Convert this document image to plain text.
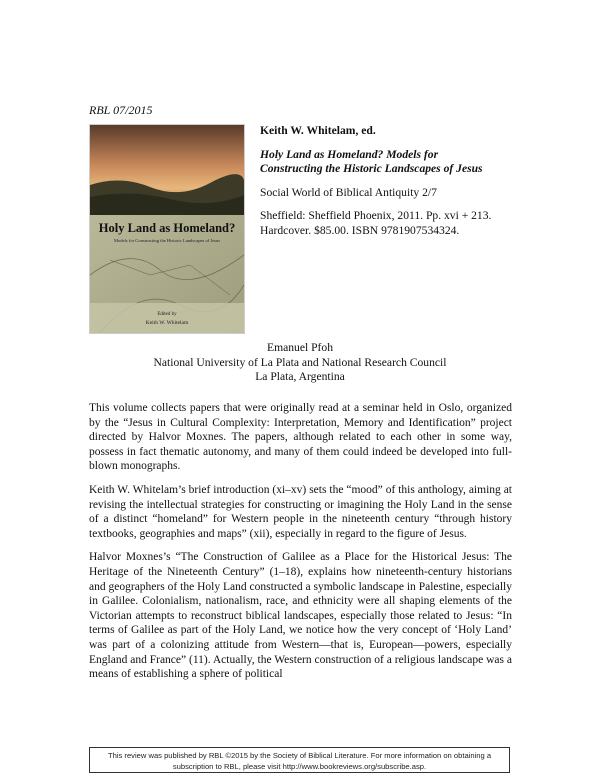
RBL 07/2015
Holy Land as Homeland?
Models for Constructing the Historic Landscapes of Jesus
Edited by
Keith W. Whitelam
Keith W. Whitelam, ed.
Holy Land as Homeland? Models for
Constructing the Historic Landscapes of Jesus
Social World of Biblical Antiquity 2/7
Sheffield: Sheffield Phoenix, 2011. Pp. xvi + 213.
Hardcover. $85.00. ISBN 9781907534324.
Emanuel Pfoh
National University of La Plata and National Research Council
La Plata, Argentina

This volume collects papers that were originally read at a seminar held in Oslo, organized by the “Jesus in Cultural Complexity: Interpretation, Memory and Identification” project directed by Halvor Moxnes. The papers, although related to each other in some way, possess in fact thematic autonomy, and many of them could indeed be developed into full-blown monographs.

Keith W. Whitelam’s brief introduction (xi–xv) sets the “mood” of this anthology, aiming at revising the intellectual strategies for constructing or imagining the Holy Land in the sense of a distinct “homeland” for Western people in the nineteenth century “through history textbooks, geographies and maps” (xii), especially in regard to the figure of Jesus.

Halvor Moxnes’s “The Construction of Galilee as a Place for the Historical Jesus: The Heritage of the Nineteenth Century” (1–18), explains how nineteenth-century historians and geographers of the Holy Land constructed a symbolic landscape in Palestine, especially in Galilee. Colonialism, nationalism, race, and ethnicity were all shaping elements of the Victorian attempts to reconstruct biblical landscapes, especially those related to Jesus: “In terms of Galilee as part of the Holy Land, we notice how the very concept of ‘Holy Land’ was part of a colonizing attitude from Western—that is, European—powers, especially England and France” (11). Actually, the Western construction of a religious landscape was a means of establishing a sphere of political

This review was published by RBL ©2015 by the Society of Biblical Literature. For more information on obtaining a
subscription to RBL, please visit http://www.bookreviews.org/subscribe.asp.
